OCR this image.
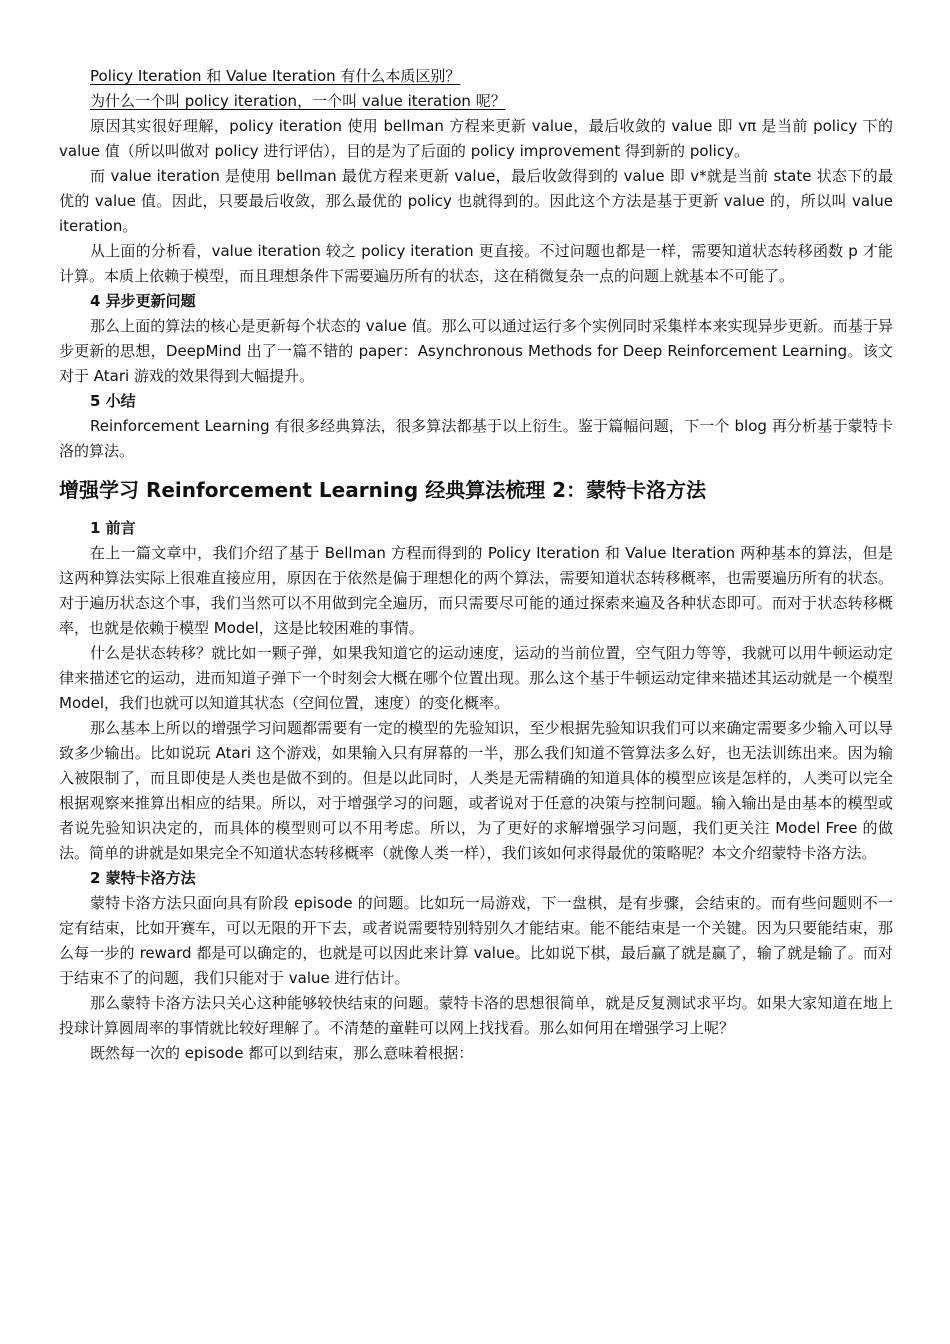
Policy Iteration 和 Value Iteration 有什么本质区别？

为什么一个叫 policy iteration，一个叫 value iteration 呢？

原因其实很好理解，policy iteration 使用 bellman 方程来更新 value，最后收敛的 value 即 vπ 是当前 policy 下的 value 值（所以叫做对 policy 进行评估），目的是为了后面的 policy improvement 得到新的 policy。

而 value iteration 是使用 bellman 最优方程来更新 value，最后收敛得到的 value 即 v*就是当前 state 状态下的最优的 value 值。因此，只要最后收敛，那么最优的 policy 也就得到的。因此这个方法是基于更新 value 的，所以叫 value iteration。

从上面的分析看，value iteration 较之 policy iteration 更直接。不过问题也都是一样，需要知道状态转移函数 p 才能计算。本质上依赖于模型，而且理想条件下需要遍历所有的状态，这在稍微复杂一点的问题上就基本不可能了。

4 异步更新问题

那么上面的算法的核心是更新每个状态的 value 值。那么可以通过运行多个实例同时采集样本来实现异步更新。而基于异步更新的思想，DeepMind 出了一篇不错的 paper：Asynchronous Methods for Deep Reinforcement Learning。该文对于 Atari 游戏的效果得到大幅提升。

5 小结

Reinforcement Learning 有很多经典算法，很多算法都基于以上衍生。鉴于篇幅问题，下一个 blog 再分析基于蒙特卡洛的算法。

增强学习 Reinforcement Learning 经典算法梳理 2：蒙特卡洛方法

1 前言

在上一篇文章中，我们介绍了基于 Bellman 方程而得到的 Policy Iteration 和 Value Iteration 两种基本的算法，但是这两种算法实际上很难直接应用，原因在于依然是偏于理想化的两个算法，需要知道状态转移概率，也需要遍历所有的状态。对于遍历状态这个事，我们当然可以不用做到完全遍历，而只需要尽可能的通过探索来遍及各种状态即可。而对于状态转移概率，也就是依赖于模型 Model，这是比较困难的事情。

什么是状态转移？就比如一颗子弹，如果我知道它的运动速度，运动的当前位置，空气阻力等等，我就可以用牛顿运动定律来描述它的运动，进而知道子弹下一个时刻会大概在哪个位置出现。那么这个基于牛顿运动定律来描述其运动就是一个模型 Model，我们也就可以知道其状态（空间位置，速度）的变化概率。

那么基本上所以的增强学习问题都需要有一定的模型的先验知识，至少根据先验知识我们可以来确定需要多少输入可以导致多少输出。比如说玩 Atari 这个游戏，如果输入只有屏幕的一半，那么我们知道不管算法多么好，也无法训练出来。因为输入被限制了，而且即使是人类也是做不到的。但是以此同时，人类是无需精确的知道具体的模型应该是怎样的，人类可以完全根据观察来推算出相应的结果。所以，对于增强学习的问题，或者说对于任意的决策与控制问题。输入输出是由基本的模型或者说先验知识决定的，而具体的模型则可以不用考虑。所以，为了更好的求解增强学习问题，我们更关注 Model Free 的做法。简单的讲就是如果完全不知道状态转移概率（就像人类一样），我们该如何求得最优的策略呢？本文介绍蒙特卡洛方法。

2 蒙特卡洛方法

蒙特卡洛方法只面向具有阶段 episode 的问题。比如玩一局游戏，下一盘棋，是有步骤，会结束的。而有些问题则不一定有结束，比如开赛车，可以无限的开下去，或者说需要特别特别久才能结束。能不能结束是一个关键。因为只要能结束，那么每一步的 reward 都是可以确定的，也就是可以因此来计算 value。比如说下棋，最后赢了就是赢了，输了就是输了。而对于结束不了的问题，我们只能对于 value 进行估计。

那么蒙特卡洛方法只关心这种能够较快结束的问题。蒙特卡洛的思想很简单，就是反复测试求平均。如果大家知道在地上投球计算圆周率的事情就比较好理解了。不清楚的童鞋可以网上找找看。那么如何用在增强学习上呢？

既然每一次的 episode 都可以到结束，那么意味着根据：
